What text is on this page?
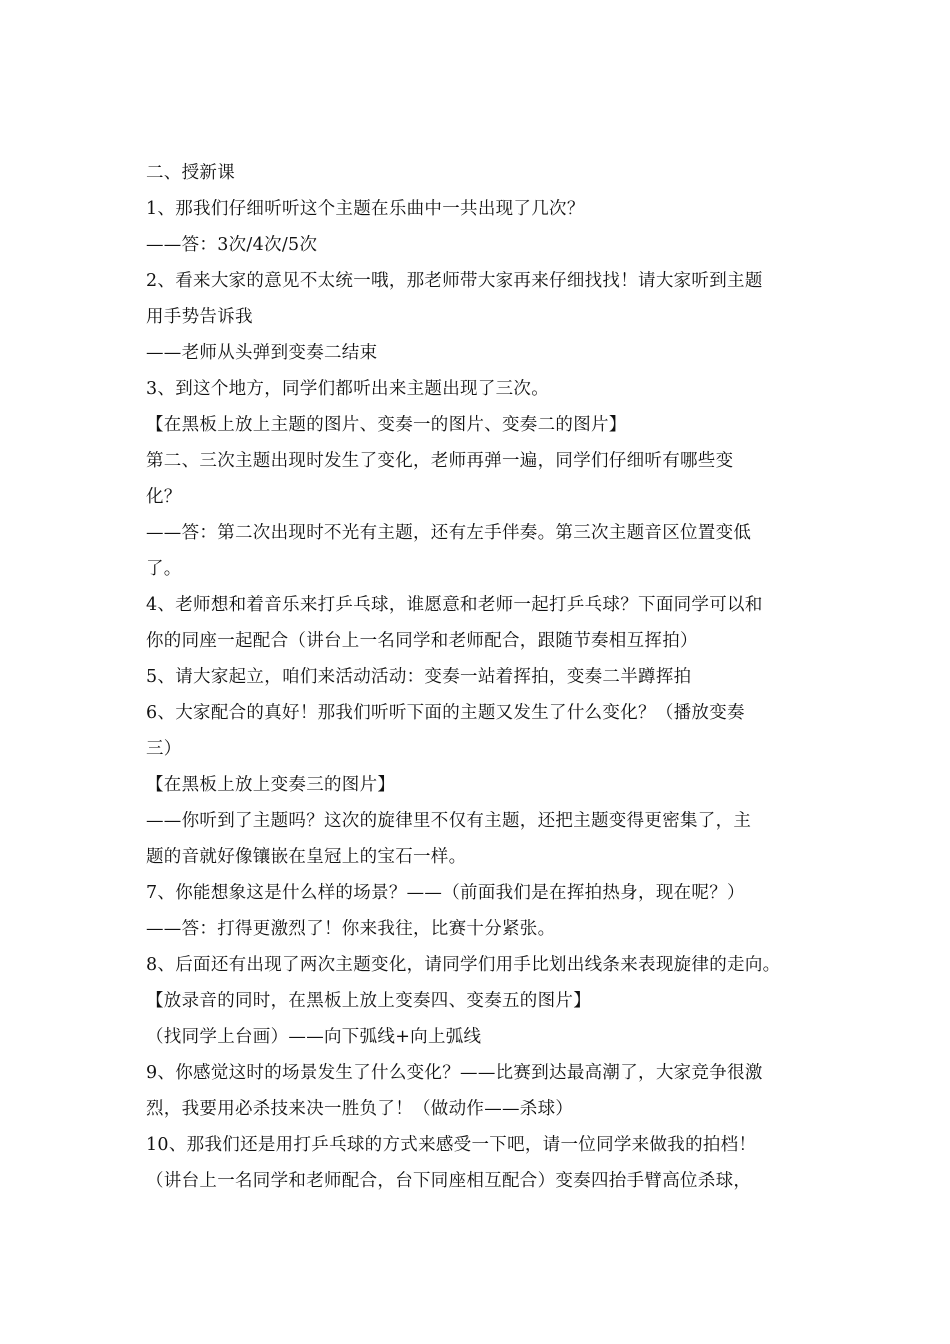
二、授新课
1、那我们仔细听听这个主题在乐曲中一共出现了几次？
——答：3次/4次/5次
2、看来大家的意见不太统一哦，那老师带大家再来仔细找找！请大家听到主题
用手势告诉我
——老师从头弹到变奏二结束
3、到这个地方，同学们都听出来主题出现了三次。
【在黑板上放上主题的图片、变奏一的图片、变奏二的图片】
第二、三次主题出现时发生了变化，老师再弹一遍，同学们仔细听有哪些变
化？
——答：第二次出现时不光有主题，还有左手伴奏。第三次主题音区位置变低
了。
4、老师想和着音乐来打乒乓球，谁愿意和老师一起打乒乓球？下面同学可以和
你的同座一起配合（讲台上一名同学和老师配合，跟随节奏相互挥拍）
5、请大家起立，咱们来活动活动：变奏一站着挥拍，变奏二半蹲挥拍
6、大家配合的真好！那我们听听下面的主题又发生了什么变化？（播放变奏
三）
【在黑板上放上变奏三的图片】
——你听到了主题吗？这次的旋律里不仅有主题，还把主题变得更密集了，主
题的音就好像镶嵌在皇冠上的宝石一样。
7、你能想象这是什么样的场景？——（前面我们是在挥拍热身，现在呢？）
——答：打得更激烈了！你来我往，比赛十分紧张。
8、后面还有出现了两次主题变化，请同学们用手比划出线条来表现旋律的走向。
【放录音的同时，在黑板上放上变奏四、变奏五的图片】
（找同学上台画）——向下弧线+向上弧线
9、你感觉这时的场景发生了什么变化？——比赛到达最高潮了，大家竞争很激
烈，我要用必杀技来决一胜负了！（做动作——杀球）
10、那我们还是用打乒乓球的方式来感受一下吧，请一位同学来做我的拍档！
（讲台上一名同学和老师配合，台下同座相互配合）变奏四抬手臂高位杀球，
